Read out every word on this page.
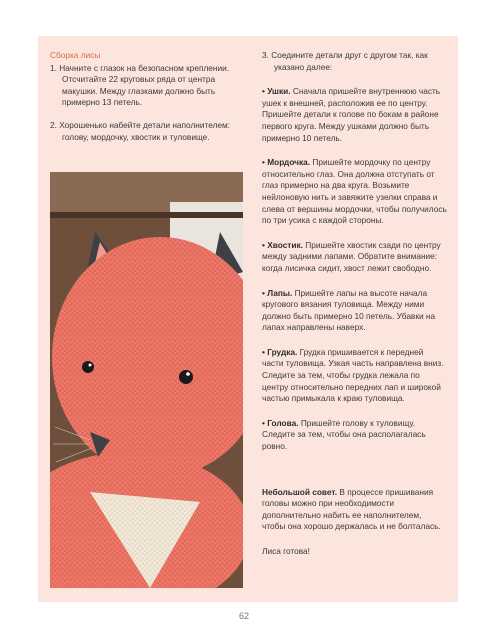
Сборка лисы

1. Начните с глазок на безопасном креплении. Отсчитайте 22 круговых ряда от центра макушки. Между глазками должно быть примерно 13 петель.

2. Хорошенько набейте детали наполнителем: голову, мордочку, хвостик и туловище.

3. Соедините детали друг с другом так, как указано далее:

• Ушки. Сначала пришейте внутреннюю часть ушек к внешней, расположив ее по центру. Пришейте детали к голове по бокам в районе первого круга. Между ушками должно быть примерно 10 петель.

• Мордочка. Пришейте мордочку по центру относительно глаз. Она должна отступать от глаз примерно на два круга. Возьмите нейлоновую нить и завяжите узелки справа и слева от вершины мордочки, чтобы получилось по три усика с каждой стороны.

• Хвостик. Пришейте хвостик сзади по центру между задними лапами. Обратите внимание: когда лисичка сидит, хвост лежит свободно.

• Лапы. Пришейте лапы на высоте начала кругового вязания туловища. Между ними должно быть примерно 10 петель. Убавки на лапах направлены наверх.

• Грудка. Грудка пришивается к передней части туловища. Узкая часть направлена вниз. Следите за тем, чтобы грудка лежала по центру относительно передних лап и широкой частью примыкала к краю туловища.

• Голова. Пришейте голову к туловищу. Следите за тем, чтобы она располагалась ровно.

Небольшой совет. В процессе пришивания головы можно при необходимости дополнительно набить ее наполнителем, чтобы она хорошо держалась и не болталась.

Лиса готова!

62
